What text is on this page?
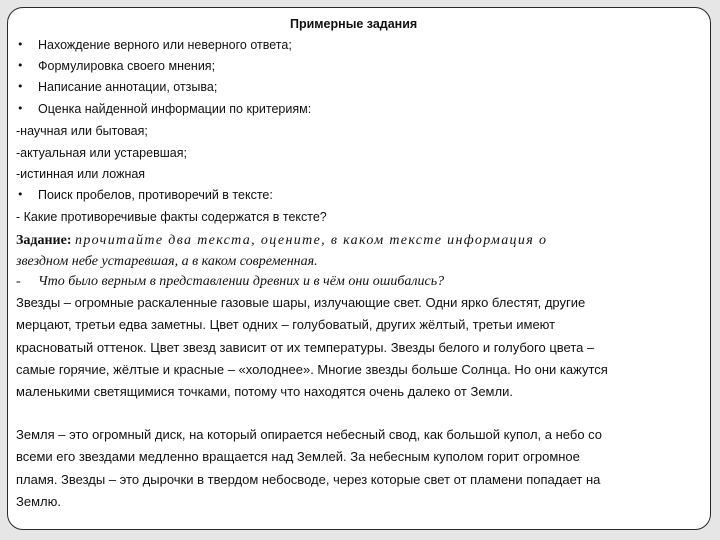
Примерные задания
• Нахождение верного или неверного ответа;
• Формулировка своего мнения;
• Написание аннотации, отзыва;
• Оценка найденной информации по критериям:
-научная или бытовая;
-актуальная или устаревшая;
-истинная или ложная
• Поиск пробелов, противоречий в тексте:
- Какие противоречивые факты содержатся в тексте?
Задание: прочитайте два текста, оцените, в каком тексте информация о
звездном небе устаревшая, а в каком современная.
- Что было верным в представлении древних и в чём они ошибались?
Звезды – огромные раскаленные газовые шары, излучающие свет. Одни ярко блестят, другие
мерцают, третьи едва заметны. Цвет одних – голубоватый, других жёлтый, третьи имеют
красноватый оттенок. Цвет звезд зависит от их температуры. Звезды белого и голубого цвета –
самые горячие, жёлтые и красные – «холоднее». Многие звезды больше Солнца. Но они кажутся
маленькими светящимися точками, потому что находятся очень далеко от Земли.
Земля – это огромный диск, на который опирается небесный свод, как большой купол, а небо со
всеми его звездами медленно вращается над Землей. За небесным куполом горит огромное
пламя. Звезды – это дырочки в твердом небосводе, через которые свет от пламени попадает на
Землю.
